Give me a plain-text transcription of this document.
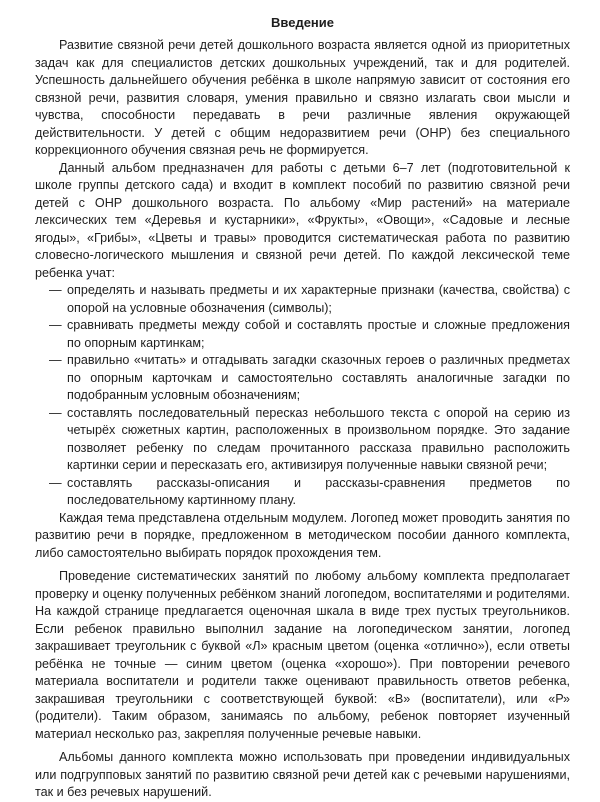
Введение

Развитие связной речи детей дошкольного возраста является одной из приоритетных задач как для специалистов детских дошкольных учреждений, так и для родителей. Успешность дальнейшего обучения ребёнка в школе напрямую зависит от состояния его связной речи, развития словаря, умения правильно и связно излагать свои мысли и чувства, способности передавать в речи различные явления окружающей действительности. У детей с общим недоразвитием речи (ОНР) без специального коррекционного обучения связная речь не формируется.

Данный альбом предназначен для работы с детьми 6–7 лет (подготовительной к школе группы детского сада) и входит в комплект пособий по развитию связной речи детей с ОНР дошкольного возраста. По альбому «Мир растений» на материале лексических тем «Деревья и кустарники», «Фрукты», «Овощи», «Садовые и лесные ягоды», «Грибы», «Цветы и травы» проводится систематическая работа по развитию словесно-логического мышления и связной речи детей. По каждой лексической теме ребенка учат:

— определять и называть предметы и их характерные признаки (качества, свойства) с опорой на условные обозначения (символы);
— сравнивать предметы между собой и составлять простые и сложные предложения по опорным картинкам;
— правильно «читать» и отгадывать загадки сказочных героев о различных предметах по опорным карточкам и самостоятельно составлять аналогичные загадки по подобранным условным обозначениям;
— составлять последовательный пересказ небольшого текста с опорой на серию из четырёх сюжетных картин, расположенных в произвольном порядке. Это задание позволяет ребенку по следам прочитанного рассказа правильно расположить картинки серии и пересказать его, активизируя полученные навыки связной речи;
— составлять рассказы-описания и рассказы-сравнения предметов по последовательному картинному плану.

Каждая тема представлена отдельным модулем. Логопед может проводить занятия по развитию речи в порядке, предложенном в методическом пособии данного комплекта, либо самостоятельно выбирать порядок прохождения тем.

Проведение систематических занятий по любому альбому комплекта предполагает проверку и оценку полученных ребёнком знаний логопедом, воспитателями и родителями. На каждой странице предлагается оценочная шкала в виде трех пустых треугольников. Если ребенок правильно выполнил задание на логопедическом занятии, логопед закрашивает треугольник с буквой «Л» красным цветом (оценка «отлично»), если ответы ребёнка не точные — синим цветом (оценка «хорошо»). При повторении речевого материала воспитатели и родители также оценивают правильность ответов ребенка, закрашивая треугольники с соответствующей буквой: «В» (воспитатели), или «Р» (родители). Таким образом, занимаясь по альбому, ребенок повторяет изученный материал несколько раз, закрепляя полученные речевые навыки.

Альбомы данного комплекта можно использовать при проведении индивидуальных или подгрупповых занятий по развитию связной речи детей как с речевыми нарушениями, так и без речевых нарушений.
